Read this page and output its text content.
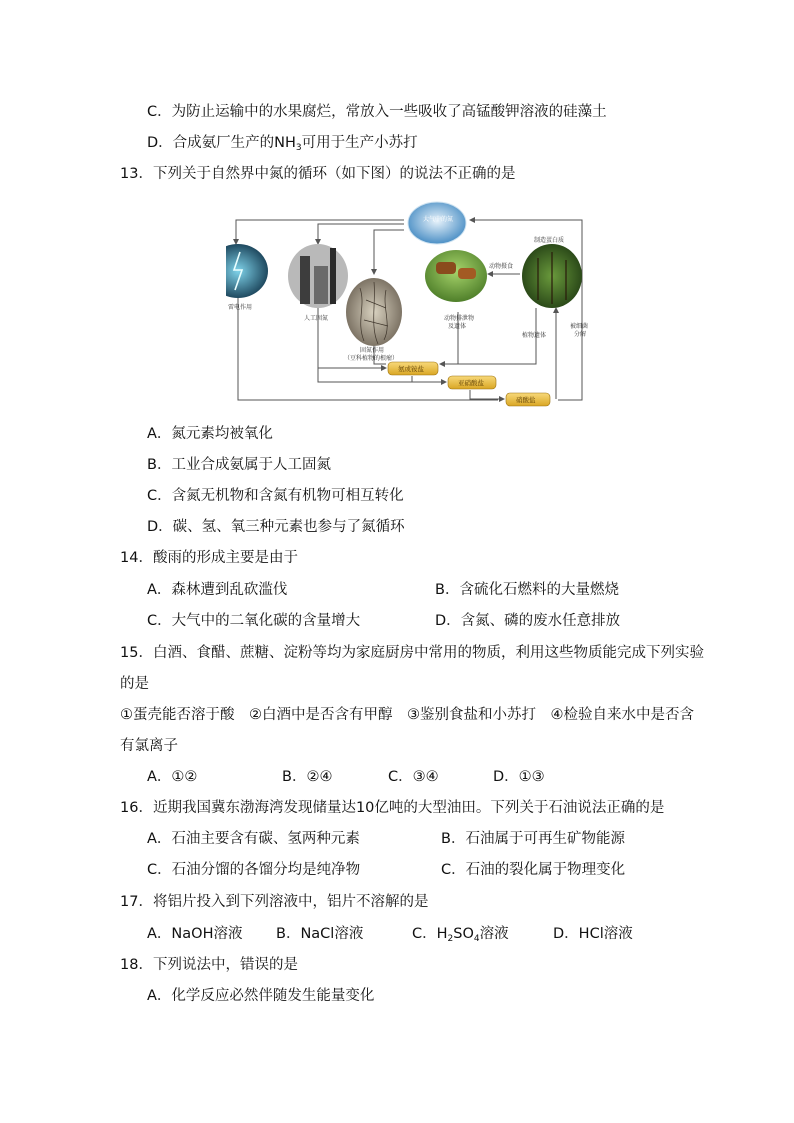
C．为防止运输中的水果腐烂，常放入一些吸收了高锰酸钾溶液的硅藻土
D．合成氨厂生产的$NH_3$可用于生产小苏打
13．下列关于自然界中氮的循环（如下图）的说法不正确的是
大气中的氮
雷电作用
人工固氮
固氮作用
（豆科植物的根瘤）
动物排泄物
及遗体
动物摄食
制造蛋白质
植物遗体
被细菌
分解
氨或铵盐
亚硝酸盐
硝酸盐
A．氮元素均被氧化
B．工业合成氨属于人工固氮
C．含氮无机物和含氮有机物可相互转化
D．碳、氢、氧三种元素也参与了氮循环
14．酸雨的形成主要是由于
A．森林遭到乱砍滥伐	B．含硫化石燃料的大量燃烧
C．大气中的二氧化碳的含量增大	D．含氮、磷的废水任意排放
15．白酒、食醋、蔗糖、淀粉等均为家庭厨房中常用的物质，利用这些物质能完成下列实验
的是
①蛋壳能否溶于酸　②白酒中是否含有甲醇　③鉴别食盐和小苏打　④检验自来水中是否含
有氯离子
A．①②	B．②④	C．③④	D．①③
16．近期我国冀东渤海湾发现储量达10亿吨的大型油田。下列关于石油说法正确的是
A．石油主要含有碳、氢两种元素	B．石油属于可再生矿物能源
C．石油分馏的各馏分均是纯净物	C．石油的裂化属于物理变化
17．将铝片投入到下列溶液中，铝片不溶解的是
A．NaOH溶液 B．NaCl溶液	C．$H_2SO_4$溶液	D．HCl溶液
18．下列说法中，错误的是
A．化学反应必然伴随发生能量变化
